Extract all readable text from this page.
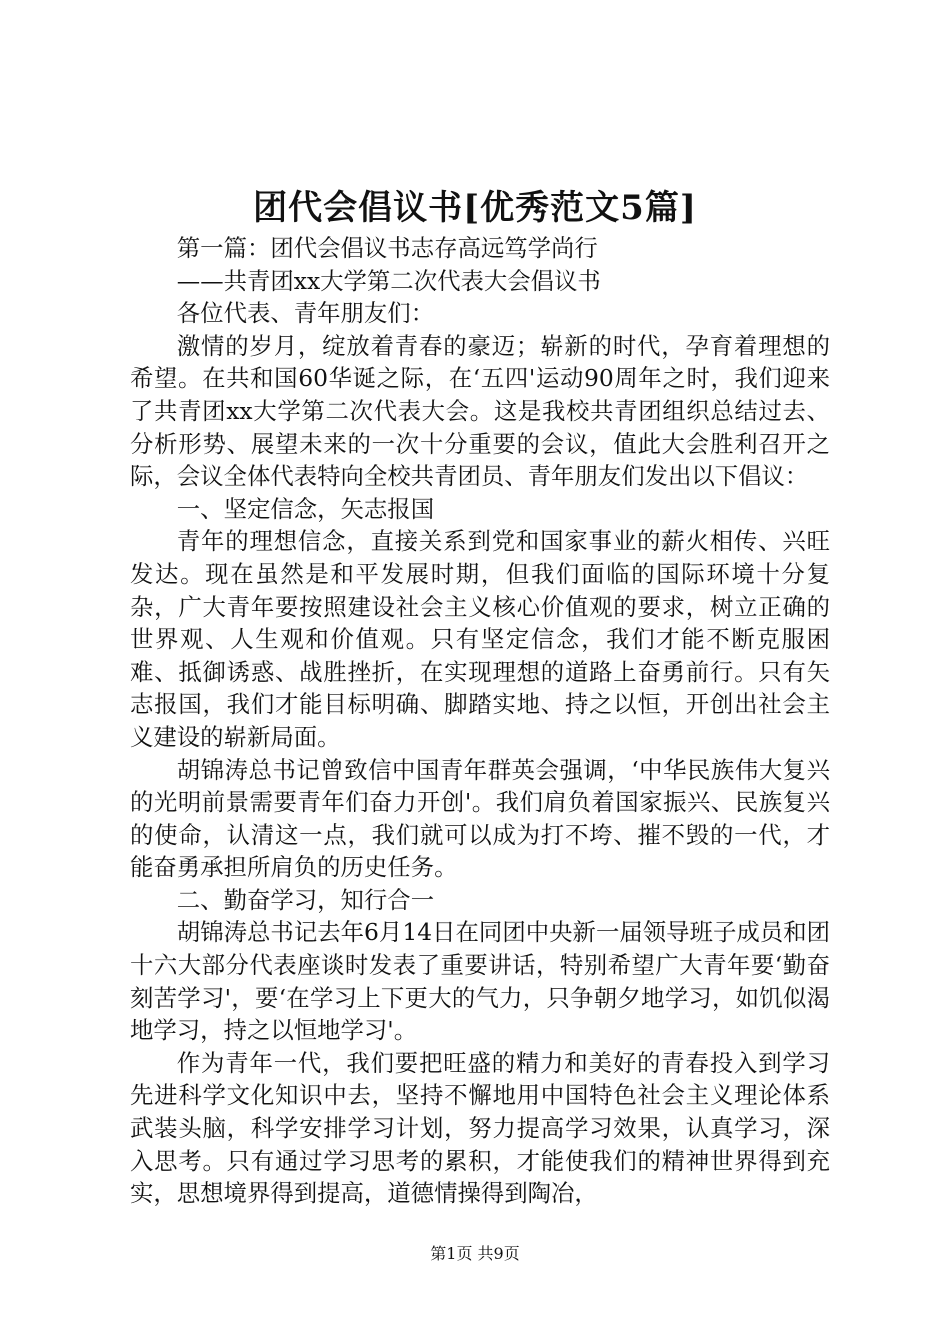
团代会倡议书[优秀范文5篇]

第一篇：团代会倡议书志存高远笃学尚行

——共青团xx大学第二次代表大会倡议书

各位代表、青年朋友们：

激情的岁月，绽放着青春的豪迈；崭新的时代，孕育着理想的希望。在共和国60华诞之际，在‘五四'运动90周年之时，我们迎来了共青团xx大学第二次代表大会。这是我校共青团组织总结过去、分析形势、展望未来的一次十分重要的会议，值此大会胜利召开之际，会议全体代表特向全校共青团员、青年朋友们发出以下倡议：

一、坚定信念，矢志报国

青年的理想信念，直接关系到党和国家事业的薪火相传、兴旺发达。现在虽然是和平发展时期，但我们面临的国际环境十分复杂，广大青年要按照建设社会主义核心价值观的要求，树立正确的世界观、人生观和价值观。只有坚定信念，我们才能不断克服困难、抵御诱惑、战胜挫折，在实现理想的道路上奋勇前行。只有矢志报国，我们才能目标明确、脚踏实地、持之以恒，开创出社会主义建设的崭新局面。

胡锦涛总书记曾致信中国青年群英会强调，‘中华民族伟大复兴的光明前景需要青年们奋力开创'。我们肩负着国家振兴、民族复兴的使命，认清这一点，我们就可以成为打不垮、摧不毁的一代，才能奋勇承担所肩负的历史任务。

二、勤奋学习，知行合一

胡锦涛总书记去年6月14日在同团中央新一届领导班子成员和团十六大部分代表座谈时发表了重要讲话，特别希望广大青年要‘勤奋刻苦学习'，要‘在学习上下更大的气力，只争朝夕地学习，如饥似渴地学习，持之以恒地学习'。

作为青年一代，我们要把旺盛的精力和美好的青春投入到学习先进科学文化知识中去，坚持不懈地用中国特色社会主义理论体系武装头脑，科学安排学习计划，努力提高学习效果，认真学习，深入思考。只有通过学习思考的累积，才能使我们的精神世界得到充实，思想境界得到提高，道德情操得到陶冶，

第1页 共9页
